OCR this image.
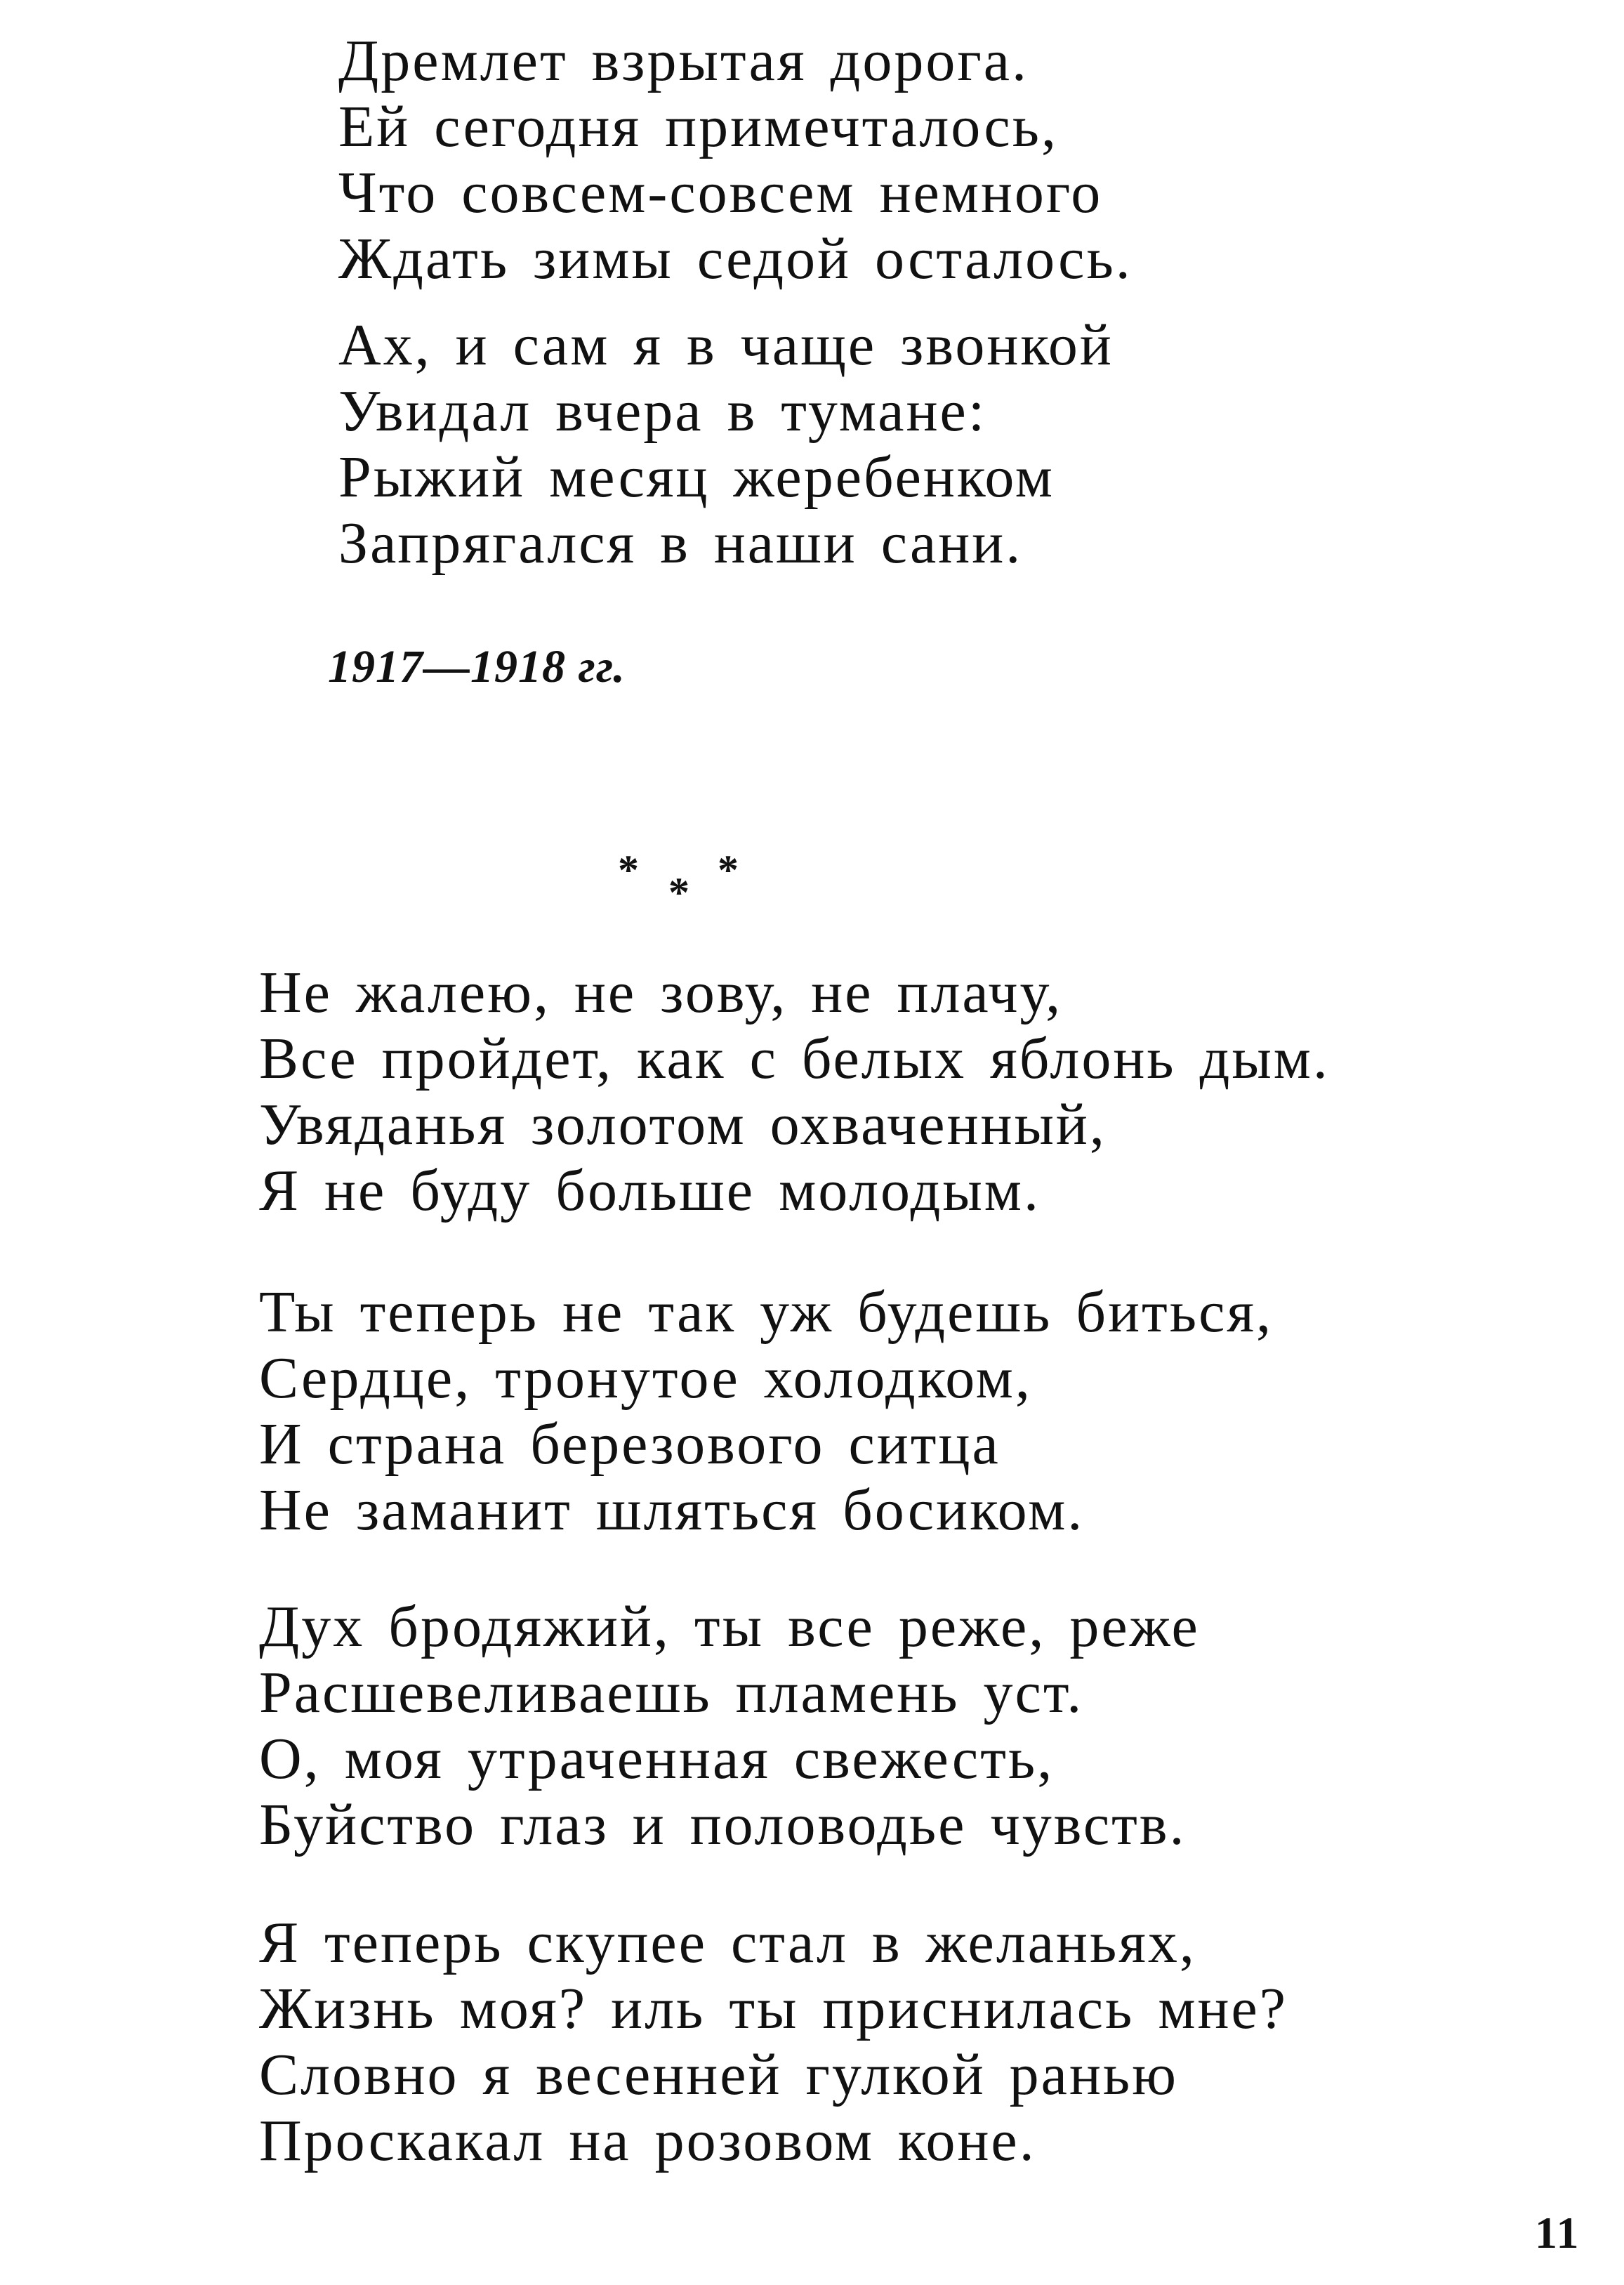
Дремлет взрытая дорога.
Ей сегодня примечталось,
Что совсем-совсем немного
Ждать зимы седой осталось.
Ах, и сам я в чаще звонкой
Увидал вчера в тумане:
Рыжий месяц жеребенком
Запрягался в наши сани.
1917—1918 гг.
* * *
Не жалею, не зову, не плачу,
Все пройдет, как с белых яблонь дым.
Увяданья золотом охваченный,
Я не буду больше молодым.
Ты теперь не так уж будешь биться,
Сердце, тронутое холодком,
И страна березового ситца
Не заманит шляться босиком.
Дух бродяжий, ты все реже, реже
Расшевеливаешь пламень уст.
О, моя утраченная свежесть,
Буйство глаз и половодье чувств.
Я теперь скупее стал в желаньях,
Жизнь моя? иль ты приснилась мне?
Словно я весенней гулкой ранью
Проскакал на розовом коне.
11
